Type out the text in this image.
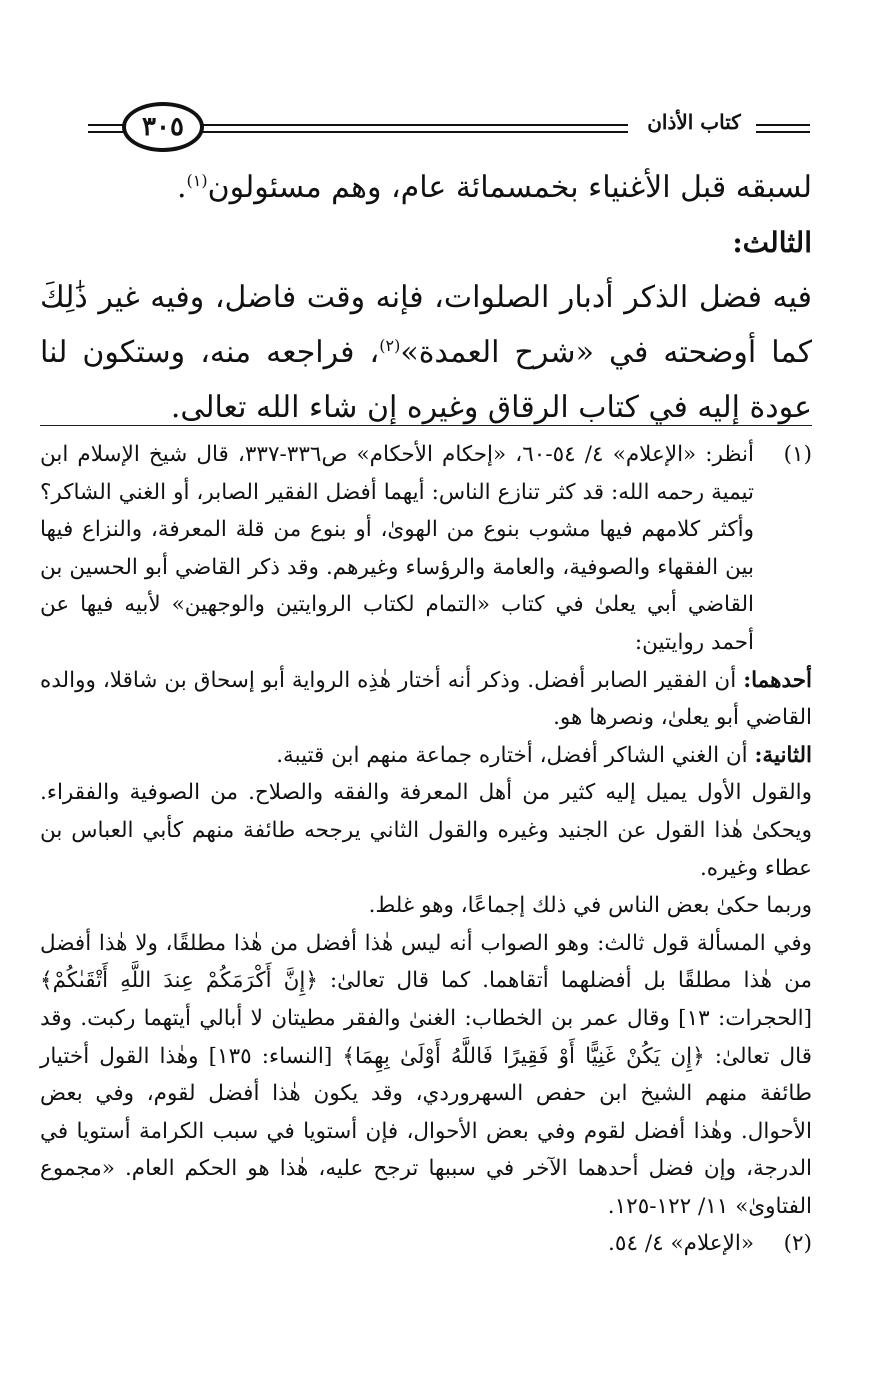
٣٠٥	كتاب الأذان

لسبقه قبل الأغنياء بخمسمائة عام، وهم مسئولون$^{(١)}$.

الثالث:

فيه فضل الذكر أدبار الصلوات، فإنه وقت فاضل، وفيه غير ذَٰلِكَ كما أوضحته في «شرح العمدة»$^{(٢)}$، فراجعه منه، وستكون لنا عودة إليه في كتاب الرقاق وغيره إن شاء الله تعالى.

(١)

أنظر: «الإعلام» ٤/ ٥٤-٦٠، «إحكام الأحكام» ص٣٣٦-٣٣٧، قال شيخ الإسلام ابن تيمية رحمه الله: قد كثر تنازع الناس: أيهما أفضل الفقير الصابر، أو الغني الشاكر؟ وأكثر كلامهم فيها مشوب بنوع من الهوىٰ، أو بنوع من قلة المعرفة، والنزاع فيها بين الفقهاء والصوفية، والعامة والرؤساء وغيرهم. وقد ذكر القاضي أبو الحسين بن القاضي أبي يعلىٰ في كتاب «التمام لكتاب الروايتين والوجهين» لأبيه فيها عن أحمد روايتين:

أحدهما: أن الفقير الصابر أفضل. وذكر أنه أختار هٰذِه الرواية أبو إسحاق بن شاقلا، ووالده القاضي أبو يعلىٰ، ونصرها هو.

الثانية: أن الغني الشاكر أفضل، أختاره جماعة منهم ابن قتيبة.

والقول الأول يميل إليه كثير من أهل المعرفة والفقه والصلاح. من الصوفية والفقراء. ويحكىٰ هٰذا القول عن الجنيد وغيره والقول الثاني يرجحه طائفة منهم كأبي العباس بن عطاء وغيره.

وربما حكىٰ بعض الناس في ذلك إجماعًا، وهو غلط.

وفي المسألة قول ثالث: وهو الصواب أنه ليس هٰذا أفضل من هٰذا مطلقًا، ولا هٰذا أفضل من هٰذا مطلقًا بل أفضلهما أتقاهما. كما قال تعالىٰ: ﴿إِنَّ أَكْرَمَكُمْ عِندَ اللَّهِ أَتْقَىٰكُمْ﴾ [الحجرات: ١٣] وقال عمر بن الخطاب: الغنىٰ والفقر مطيتان لا أبالي أيتهما ركبت. وقد قال تعالىٰ: ﴿إِن يَكُنْ غَنِيًّا أَوْ فَقِيرًا فَاللَّهُ أَوْلَىٰ بِهِمَا﴾ [النساء: ١٣٥] وهٰذا القول أختيار طائفة منهم الشيخ ابن حفص السهروردي، وقد يكون هٰذا أفضل لقوم، وفي بعض الأحوال. وهٰذا أفضل لقوم وفي بعض الأحوال، فإن أستويا في سبب الكرامة أستويا في الدرجة، وإن فضل أحدهما الآخر في سببها ترجح عليه، هٰذا هو الحكم العام. «مجموع الفتاوىٰ» ١١/ ١٢٢-١٢٥.

(٢)

«الإعلام» ٤/ ٥٤.
